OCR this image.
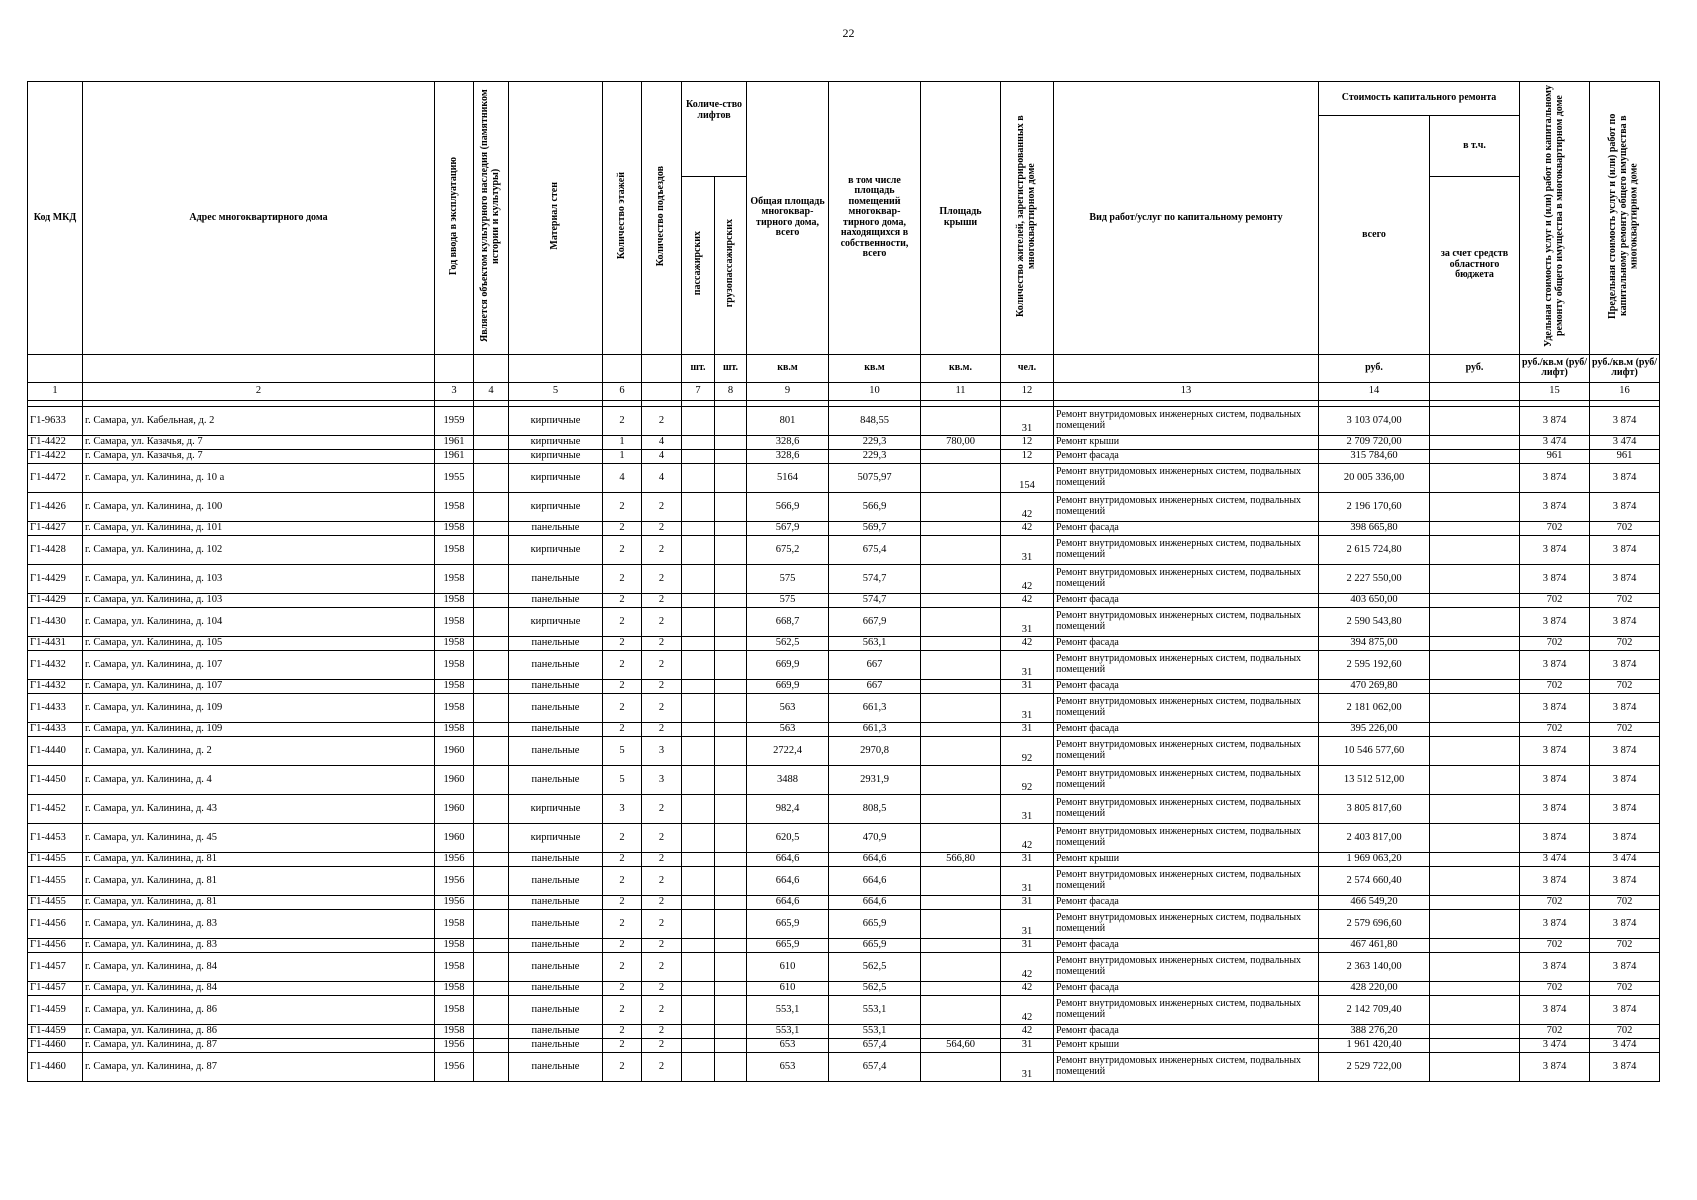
22
Код МКД	Адрес многоквартирного дома	Год ввода в эксплуатацию	Является объектом культурного наследия (памятником истории и культуры)	Материал стен	Количество этажей	Количество подъездов	Количе-ство лифтов		Общая площадь многоквар-тирного дома, всего	в том числе площадь помещений многоквар-тирного дома, находящихся в собственности, всего	Площадь крыши	Количество жителей, зарегистрированных в многоквартирном доме	Вид работ/услуг по капитальному ремонту	Стоимость капитального ремонта		Удельная стоимость услуг и (или) работ по капитальному ремонту общего имущества в многоквартирном доме	Предельная стоимость услуг и (или) работ по капитальному ремонту общего имущества в многоквартирном доме
														всего	в т.ч.		
							пассажирских	грузопассажирских							за счет средств областного бюджета		
							шт.	шт.	кв.м	кв.м	кв.м.	чел.		руб.	руб.	руб./кв.м (руб/лифт)	руб./кв.м (руб/лифт)
1	2	3	4	5	6		7	8	9	10	11	12	13	14		15	16

Г1-9633	г. Самара, ул. Кабельная, д. 2	1959		кирпичные	2	2			801	848,55		31	Ремонт внутридомовых инженерных систем, подвальных помещений	3 103 074,00		3 874	3 874
Г1-4422	г. Самара, ул. Казачья, д. 7	1961		кирпичные	1	4			328,6	229,3	780,00	12	Ремонт крыши	2 709 720,00		3 474	3 474
Г1-4422	г. Самара, ул. Казачья, д. 7	1961		кирпичные	1	4			328,6	229,3		12	Ремонт фасада	315 784,60		961	961
Г1-4472	г. Самара, ул. Калинина, д. 10 а	1955		кирпичные	4	4			5164	5075,97		154	Ремонт внутридомовых инженерных систем, подвальных помещений	20 005 336,00		3 874	3 874
Г1-4426	г. Самара, ул. Калинина, д. 100	1958		кирпичные	2	2			566,9	566,9		42	Ремонт внутридомовых инженерных систем, подвальных помещений	2 196 170,60		3 874	3 874
Г1-4427	г. Самара, ул. Калинина, д. 101	1958		панельные	2	2			567,9	569,7		42	Ремонт фасада	398 665,80		702	702
Г1-4428	г. Самара, ул. Калинина, д. 102	1958		кирпичные	2	2			675,2	675,4		31	Ремонт внутридомовых инженерных систем, подвальных помещений	2 615 724,80		3 874	3 874
Г1-4429	г. Самара, ул. Калинина, д. 103	1958		панельные	2	2			575	574,7		42	Ремонт внутридомовых инженерных систем, подвальных помещений	2 227 550,00		3 874	3 874
Г1-4429	г. Самара, ул. Калинина, д. 103	1958		панельные	2	2			575	574,7		42	Ремонт фасада	403 650,00		702	702
Г1-4430	г. Самара, ул. Калинина, д. 104	1958		кирпичные	2	2			668,7	667,9		31	Ремонт внутридомовых инженерных систем, подвальных помещений	2 590 543,80		3 874	3 874
Г1-4431	г. Самара, ул. Калинина, д. 105	1958		панельные	2	2			562,5	563,1		42	Ремонт фасада	394 875,00		702	702
Г1-4432	г. Самара, ул. Калинина, д. 107	1958		панельные	2	2			669,9	667		31	Ремонт внутридомовых инженерных систем, подвальных помещений	2 595 192,60		3 874	3 874
Г1-4432	г. Самара, ул. Калинина, д. 107	1958		панельные	2	2			669,9	667		31	Ремонт фасада	470 269,80		702	702
Г1-4433	г. Самара, ул. Калинина, д. 109	1958		панельные	2	2			563	661,3		31	Ремонт внутридомовых инженерных систем, подвальных помещений	2 181 062,00		3 874	3 874
Г1-4433	г. Самара, ул. Калинина, д. 109	1958		панельные	2	2			563	661,3		31	Ремонт фасада	395 226,00		702	702
Г1-4440	г. Самара, ул. Калинина, д. 2	1960		панельные	5	3			2722,4	2970,8		92	Ремонт внутридомовых инженерных систем, подвальных помещений	10 546 577,60		3 874	3 874
Г1-4450	г. Самара, ул. Калинина, д. 4	1960		панельные	5	3			3488	2931,9		92	Ремонт внутридомовых инженерных систем, подвальных помещений	13 512 512,00		3 874	3 874
Г1-4452	г. Самара, ул. Калинина, д. 43	1960		кирпичные	3	2			982,4	808,5		31	Ремонт внутридомовых инженерных систем, подвальных помещений	3 805 817,60		3 874	3 874
Г1-4453	г. Самара, ул. Калинина, д. 45	1960		кирпичные	2	2			620,5	470,9		42	Ремонт внутридомовых инженерных систем, подвальных помещений	2 403 817,00		3 874	3 874
Г1-4455	г. Самара, ул. Калинина, д. 81	1956		панельные	2	2			664,6	664,6	566,80	31	Ремонт крыши	1 969 063,20		3 474	3 474
Г1-4455	г. Самара, ул. Калинина, д. 81	1956		панельные	2	2			664,6	664,6		31	Ремонт внутридомовых инженерных систем, подвальных помещений	2 574 660,40		3 874	3 874
Г1-4455	г. Самара, ул. Калинина, д. 81	1956		панельные	2	2			664,6	664,6		31	Ремонт фасада	466 549,20		702	702
Г1-4456	г. Самара, ул. Калинина, д. 83	1958		панельные	2	2			665,9	665,9		31	Ремонт внутридомовых инженерных систем, подвальных помещений	2 579 696,60		3 874	3 874
Г1-4456	г. Самара, ул. Калинина, д. 83	1958		панельные	2	2			665,9	665,9		31	Ремонт фасада	467 461,80		702	702
Г1-4457	г. Самара, ул. Калинина, д. 84	1958		панельные	2	2			610	562,5		42	Ремонт внутридомовых инженерных систем, подвальных помещений	2 363 140,00		3 874	3 874
Г1-4457	г. Самара, ул. Калинина, д. 84	1958		панельные	2	2			610	562,5		42	Ремонт фасада	428 220,00		702	702
Г1-4459	г. Самара, ул. Калинина, д. 86	1958		панельные	2	2			553,1	553,1		42	Ремонт внутридомовых инженерных систем, подвальных помещений	2 142 709,40		3 874	3 874
Г1-4459	г. Самара, ул. Калинина, д. 86	1958		панельные	2	2			553,1	553,1		42	Ремонт фасада	388 276,20		702	702
Г1-4460	г. Самара, ул. Калинина, д. 87	1956		панельные	2	2			653	657,4	564,60	31	Ремонт крыши	1 961 420,40		3 474	3 474
Г1-4460	г. Самара, ул. Калинина, д. 87	1956		панельные	2	2			653	657,4		31	Ремонт внутридомовых инженерных систем, подвальных помещений	2 529 722,00		3 874	3 874
